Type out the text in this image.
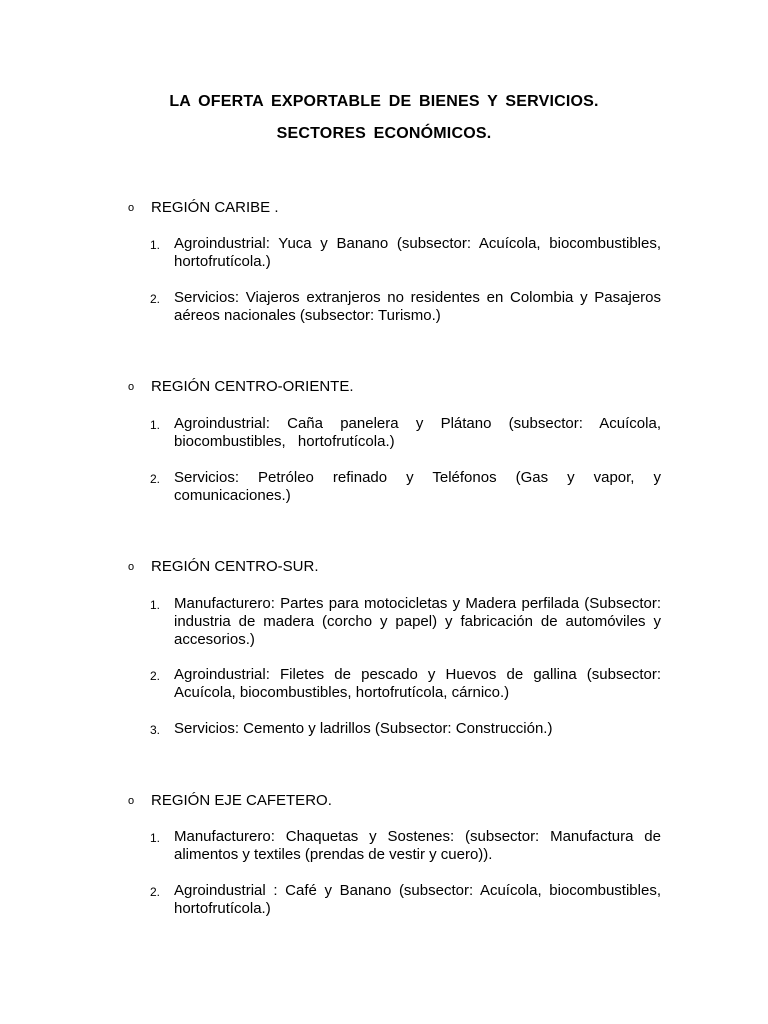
LA OFERTA EXPORTABLE DE BIENES Y SERVICIOS.
SECTORES ECONÓMICOS.
o REGIÓN CARIBE .
1. Agroindustrial: Yuca y Banano (subsector: Acuícola, biocombustibles, hortofrutícola.)
2. Servicios: Viajeros extranjeros no residentes en Colombia y Pasajeros aéreos nacionales (subsector: Turismo.)
o REGIÓN CENTRO-ORIENTE.
1. Agroindustrial: Caña panelera y Plátano (subsector: Acuícola, biocombustibles, hortofrutícola.)
2. Servicios: Petróleo refinado y Teléfonos (Gas y vapor, y comunicaciones.)
o REGIÓN CENTRO-SUR.
1. Manufacturero: Partes para motocicletas y Madera perfilada (Subsector: industria de madera (corcho y papel) y fabricación de automóviles y accesorios.)
2. Agroindustrial: Filetes de pescado y Huevos de gallina (subsector: Acuícola, biocombustibles, hortofrutícola, cárnico.)
3. Servicios: Cemento y ladrillos (Subsector: Construcción.)
o REGIÓN EJE CAFETERO.
1. Manufacturero: Chaquetas y Sostenes: (subsector: Manufactura de alimentos y textiles (prendas de vestir y cuero)).
2. Agroindustrial : Café y Banano (subsector: Acuícola, biocombustibles, hortofrutícola.)
